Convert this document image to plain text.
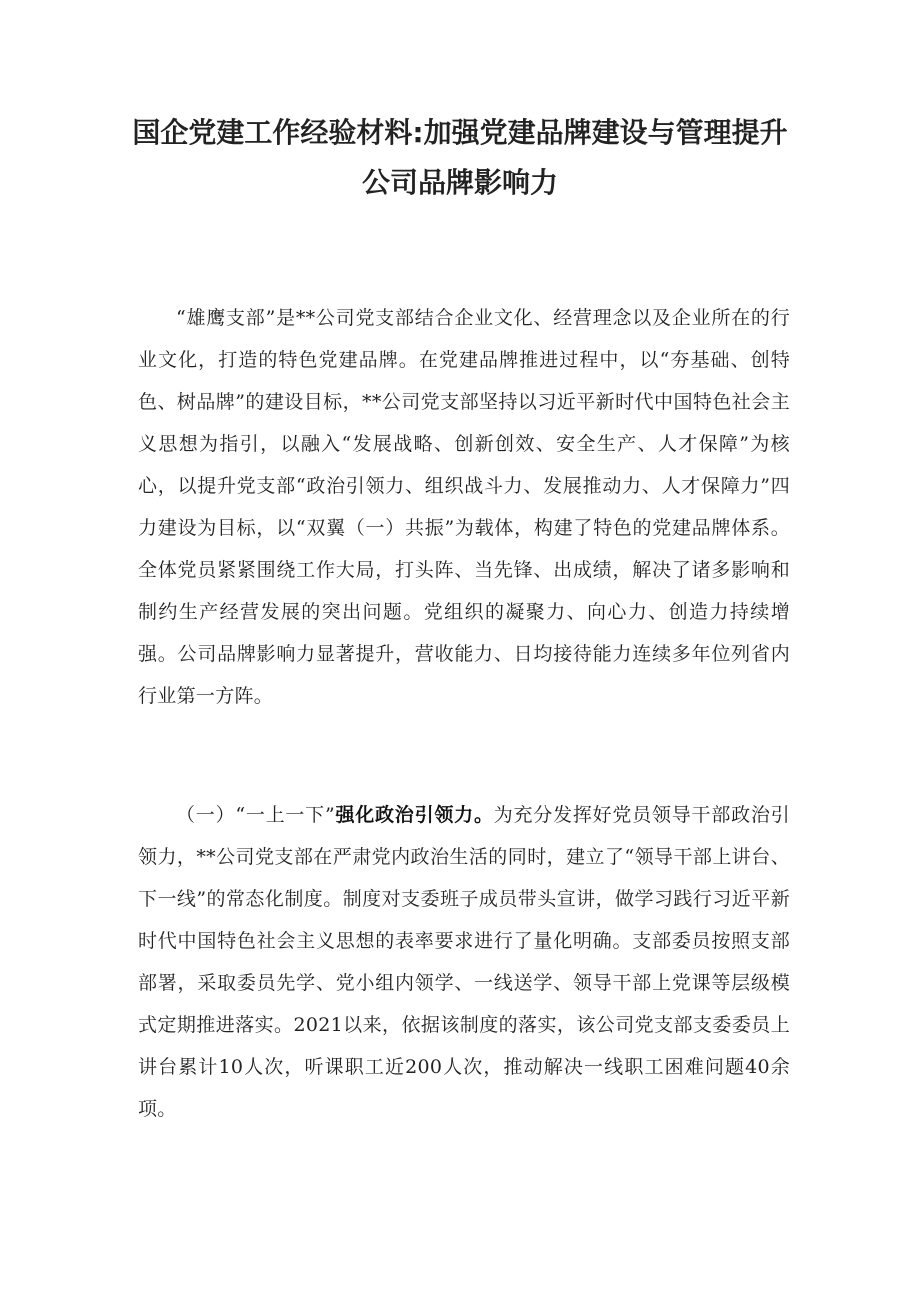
国企党建工作经验材料:加强党建品牌建设与管理提升公司品牌影响力

“雄鹰支部”是**公司党支部结合企业文化、经营理念以及企业所在的行业文化，打造的特色党建品牌。在党建品牌推进过程中，以“夯基础、创特色、树品牌”的建设目标，**公司党支部坚持以习近平新时代中国特色社会主义思想为指引，以融入“发展战略、创新创效、安全生产、人才保障”为核心，以提升党支部“政治引领力、组织战斗力、发展推动力、人才保障力”四力建设为目标，以“双翼（一）共振”为载体，构建了特色的党建品牌体系。全体党员紧紧围绕工作大局，打头阵、当先锋、出成绩，解决了诸多影响和制约生产经营发展的突出问题。党组织的凝聚力、向心力、创造力持续增强。公司品牌影响力显著提升，营收能力、日均接待能力连续多年位列省内行业第一方阵。

（一）“一上一下”强化政治引领力。为充分发挥好党员领导干部政治引领力，**公司党支部在严肃党内政治生活的同时，建立了“领导干部上讲台、下一线”的常态化制度。制度对支委班子成员带头宣讲，做学习践行习近平新时代中国特色社会主义思想的表率要求进行了量化明确。支部委员按照支部部署，采取委员先学、党小组内领学、一线送学、领导干部上党课等层级模式定期推进落实。2021以来，依据该制度的落实，该公司党支部支委委员上讲台累计10人次，听课职工近200人次，推动解决一线职工困难问题40余项。
